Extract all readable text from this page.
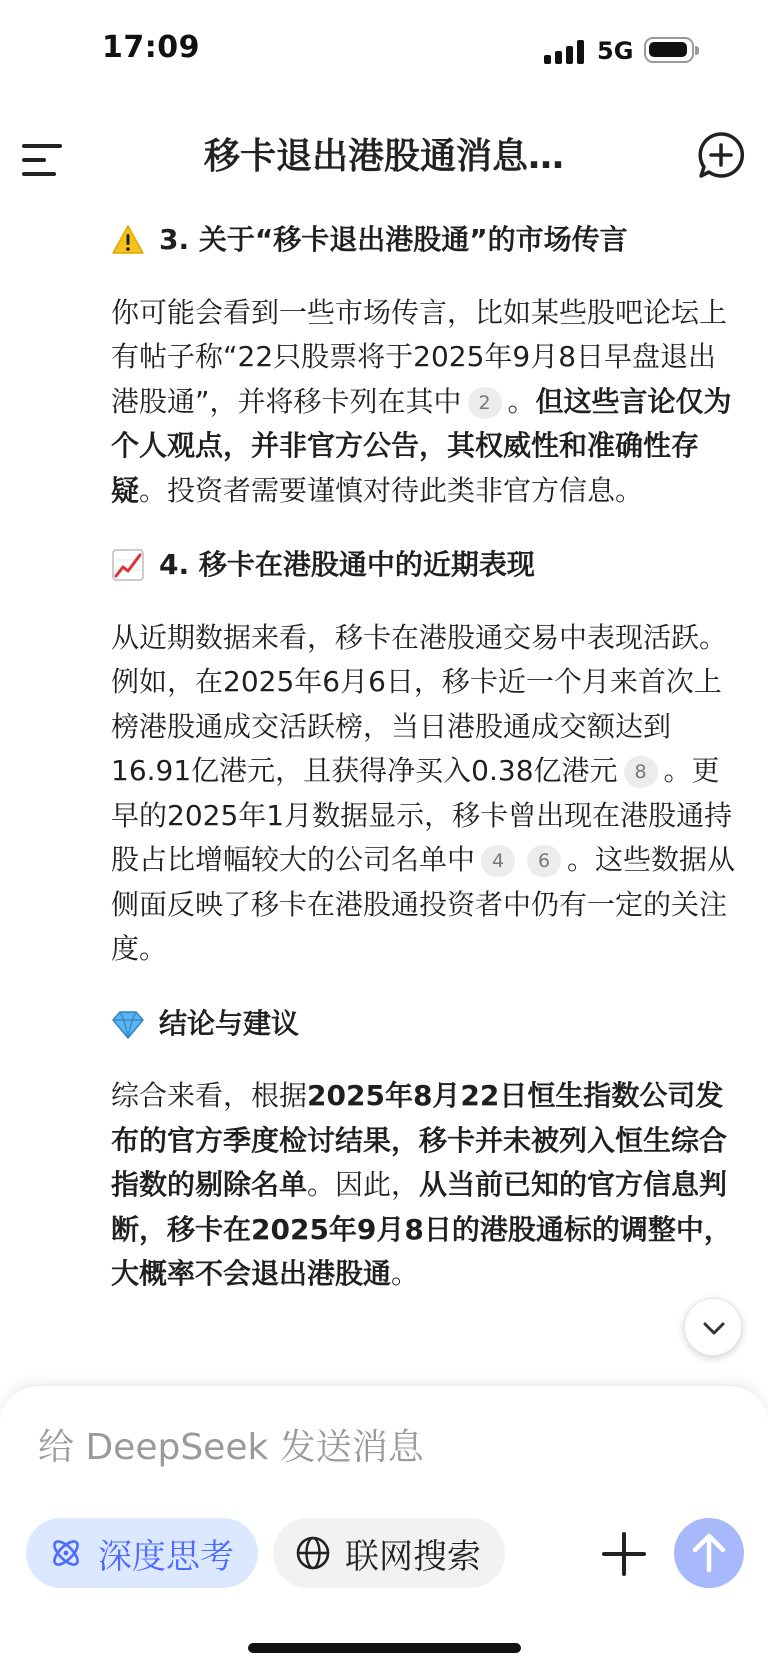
17:09	5G
移卡退出港股通消息…
3. 关于“移卡退出港股通”的市场传言

你可能会看到一些市场传言，比如某些股吧论坛上有帖子称“22只股票将于2025年9月8日早盘退出港股通”，并将移卡列在其中 2 。但这些言论仅为个人观点，并非官方公告，其权威性和准确性存疑。投资者需要谨慎对待此类非官方信息。

4. 移卡在港股通中的近期表现

从近期数据来看，移卡在港股通交易中表现活跃。例如，在2025年6月6日，移卡近一个月来首次上榜港股通成交活跃榜，当日港股通成交额达到16.91亿港元，且获得净买入0.38亿港元 8 。更早的2025年1月数据显示，移卡曾出现在港股通持股占比增幅较大的公司名单中 4 6 。这些数据从侧面反映了移卡在港股通投资者中仍有一定的关注度。

结论与建议

综合来看，根据2025年8月22日恒生指数公司发布的官方季度检讨结果，移卡并未被列入恒生综合指数的剔除名单。因此，从当前已知的官方信息判断，移卡在2025年9月8日的港股通标的调整中，大概率不会退出港股通。

给 DeepSeek 发送消息
深度思考	联网搜索
